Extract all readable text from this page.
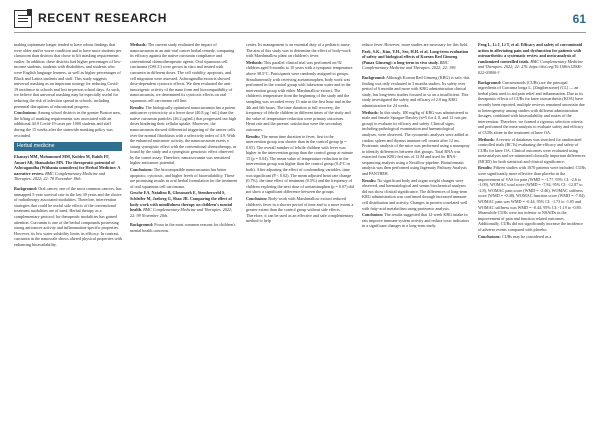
RECENT RESEARCH	61

making topiramate longer tended to have robust findings that were older and/or worse condition and to have more students per classroom than districts that chose to lift masking requirements earlier. In addition, these districts had higher percentages of low-income students, students with disabilities, and students who were English language learners, as well as higher percentages of Black and Latinx students and staff. This study suggests universal masking as an important strategy for reducing Covid-19 incidence in schools and lost in-person school days. As such, we believe that universal masking may be especially useful for reducing the risk of infection spread in schools, including perennial disruptions of educational progress.

Conclusions: Among school districts in the greater Boston area, the lifting of masking requirements was associated with an additional 44.9 Covid-19 cases per 1000 students and staff during the 15 weeks after the statewide masking policy was rescinded.

Herbal medicine

Ekanayi MM, Mohammed MM, Kuldeo M, Rabib FF, Ansari AB, Shamabdar MN. The therapeutic potential of Ashwagandha (Withania somnifera) for Herbal Medicine: A narrative review. BMC Complementary Medicine and Therapies. 2022; 22: 78 November 18th.

Background: Oral cancer, one of the most common cancers, has unmapped 5-year survival rate in the last 30 years and the choice of radiotherapy associated modalities. Therefore, intervention strategies that could be useful side effects of the conventional treatment modalities are of need. Herbal therapy as a complementary protocol for therapeutic modalities has gained attention. Curcumin is one of the herbal compounds possessing strong anticancer activity and inflammation-specific properties. However, its low water solubility limits its efficacy. In contrast, curcumin in the nanoscale shows altered physical properties with enhancing bioavailability.

Methods: The current study evaluated the impact of nanocurcumin as an anti-oral cancer herbal remedy, comparing its efficacy against the native curcumin compliance and conventional chemotherapeutic agents. Oral squamous cell carcinoma (OSCC) were grown in vitro and treated with curcumin in different doses. The cell viability, apoptosis, and cell migration were assessed. Ashwagandha extracts showed dose-dependent cytotoxic effects. We then evaluated the anti-tumorigenic activity of the nano form and biocompatibility of nanocurcumin, we determined its cytotoxic effects on oral squamous cell carcinoma cell line.

Results: The biologically optimised nanocurcumin has a potent anticancer cytotoxicity at a lower dose (40.8 μg / mL) than the native curcumin particles (26.2 μg/mL) that progressed our high doses hindering their cellular uptake. Moreover, the nanocurcumin showed differential triggering of the cancer cells over the normal fibroblasts with a selectivity index of 4.9. With the enhanced anticancer activity, the nanocurcumin exerts a strong synergistic effect with the conventional chemotherapy, as found by the study and a synergistic genotoxic effect observed by the comet assay. Therefore, nanocurcumin was sensitized higher anticancer potential.

Conclusions: The biocompatible nanocurcumin has better apoptotic, cytotoxic, and higher levels of bioavailability. These are promising results as oral herbal formulation for the treatment of oral squamous cell carcinoma.

Gesche EA, Natalino B, Glossmark E, Stemberweld S, Schleifer M, Jaeberg G, Shao JR. Comparing the effect of body work with mindfulness therapy on children's mental health. BMC Complementary Medicine and Therapies. 2022; 22: 99 November 20th.

Background: Focus in the most common reasons for children's mental health concerns.

center. Its management is an essential duty of a pediatric nurse. The aim of this study was to determine the effect of body-work with Marshmallow plant on children's fever.

Methods: This parallel clinical trial was performed on 92 children aged 6 months to 10 years with a tympanic temperature above 38.5°C. Participants were randomly assigned to groups. Simultaneously with receiving acetaminophen, body work was performed in the control group with lukewarm water and in the intervention group with either Marshmallow extract. The children's temperature from the beginning of the study and the sampling was recorded every 15 min in the first hour and in the 4th and 6th hours. The time duration to full recovery, the frequency of febrile children in different times of the study and the value of temperature reduction were primary outcomes. Heart rate and the parents' satisfaction were the secondary outcomes.

Results: The mean time duration to fever, first in the intervention group was shorter than in the control group (p = 0.05). The overall number of febrile children with fever was higher in the intervention group than the control group at minute 15 (p = 0.04). The mean value of temperature reduction in the intervention group was higher than the control group (0.4°C in both). After adjusting the effect of confounding variables, time was significant (P < 0.02). The mean adjusted heart rate change (0.7%), the time effect of treatment (0.5%) and the frequency of children exploring the next dose of acetaminophen (p = 0.07) did not show a significant difference between the groups.

Conclusion: Body-work with Marshmallow extract reduced children's fever in a shorter period of time and to a more extent a greater extent than the control group without side effects. Therefore, it can be used as an effective and safe complementary method to help

reduce fever. However, more studies are necessary for this field.

Park, S.K., Kim, Y.H., Seo, H.H. et al. Long-term evaluation of safety and biological effects of Korean Red Ginseng (Panax Ginseng): a long-term in vivo study. BMC Complementary Medicine and Therapies. 2022; 22: 199.

Background: Although Korean Red Ginseng (KRG) is safe, this finding was only evaluated in 3 months studies. Its safety over period of 6 months and more with KRG administration clinical study, has long-term studies focused in so on a insufficient. This study investigated the safety and efficacy of 2.0 mg KRG administration for 24 weeks.

Methods: In this study, 100 mg/kg of KRG was administered to male and female Sprague-Dawley (n=5 for 4, 8, and 12 rats per group) to evaluate its efficacy and safety. Clinical signs, including pathological examination and haematological analyses, were observed. The cytometric analyses were added at cardiac spleen and thymus immune cell counts after 12 ins. Proteomic analysis of the mice was performed using a nanospray to identify differences between diet groups. Total RNA was extracted from KRG-fed rats of 12 M and used for RNA-sequencing analysis using a Nextflow pipeline. Bioinformatic analysis was then performed using Ingenuity Pathway Analysis and PANTHER.

Results: No significant body and organ weight changes were observed, and haematological and serum biochemical analyses did not show clinical significance. The differences of long-term KRG administration was confirmed through increased immune cell distribution and activity. Changes in protein correlated well with fatty-acid metabolism using proteomic analysis.

Conclusion: The results suggested that 12-week KRG intake in rats improve immune system activity and reduce toxic indicators in a significant changes in a long-term study.

Feng L, Li J, Li T, et al. Efficacy and safety of curcuminoid action in alleviating pain and dysfunction for patients with osteoarthritis: a systematic review and meta-analysis of randomized controlled trials. BMC Complementary Medicine and Therapies. 2022; 22: 276. https://doi.org/10.1186/s12906-022-03800-3

Background: Curcuminoids (CURs) are the principal ingredients of Curcuma longa L. (Zingiberaceae) (CL) — an herbal plant used to aid pain relief and inflammation. Due to its therapeutic effects of CURs for knee osteoarthritis (KOA) have recently been reported, multiple reviews remained uncertain due to heterogeneity among studies with different administration dosages, combined with bioavailability and routes of the intervention. Therefore, we formed a rigorous selection criteria and performed the meta-analysis to evaluate safety and efficacy of CURs alone in the treatment of knee OA.

Methods: A review of databases was searched for randomized controlled trials (RCTs) evaluating the efficacy and safety of CURs for knee OA. Clinical outcomes were evaluated using meta-analysis and we minimized clinically important differences (MCID) for both statistical and clinical significance.

Results: Fifteen studies with 1670 patients were included. CURs were significantly more effective than placebo in the improvement of VAS for pain (WMD = -1.77, 95% CI: -2.6 to -1.09), WOMAC total score (WMD = -7.84, 95% CI: -12.87 to -2.8), WOMAC pain score (WMD = -2.46), WOMAC stiffness score (WMD = -0.48), WOMAC function score (WMD = -7.84). WOMAC pain was WMD = -0.44, 95% CI: -1.73 to -1.05 and WOMAC stiffness was WMD = -0.44, 95% CI: -1.19 to -0.80. Meanwhile CURs were not inferior to NSAIDs in the improvement of pain and function related outcomes. Additionally, CURs did not significantly increase the incidence of adverse events compared with placebo.

Conclusions: CURs may be considered as a
